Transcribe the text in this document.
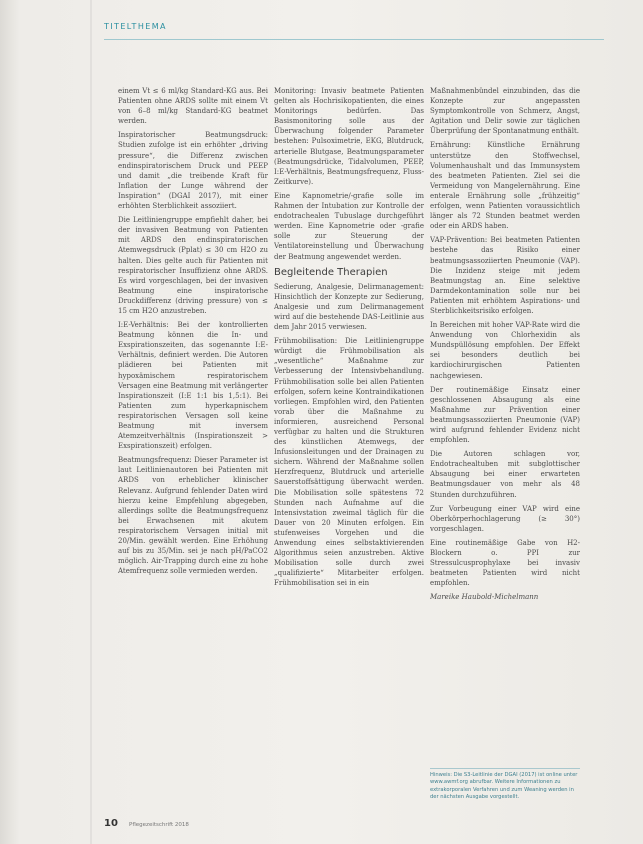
TITELTHEMA

einem Vt ≤ 6 ml/kg Standard-KG aus. Bei Patienten ohne ARDS sollte mit einem Vt von 6–8 ml/kg Standard-KG beatmet werden.

Inspiratorischer Beatmungsdruck: Studien zufolge ist ein erhöhter „driving pressure“, die Differenz zwischen endinspiratorischem Druck und PEEP und damit „die treibende Kraft für Inflation der Lunge während der Inspiration“ (DGAI 2017), mit einer erhöhten Sterblichkeit assoziiert.

Die Leitliniengruppe empfiehlt daher, bei der invasiven Beatmung von Patienten mit ARDS den endinspiratorischen Atemwegsdruck (Pplat) ≤ 30 cm H2O zu halten. Dies gelte auch für Patienten mit respiratorischer Insuffizienz ohne ARDS. Es wird vorgeschlagen, bei der invasiven Beatmung eine inspiratorische Druckdifferenz (driving pressure) von ≤ 15 cm H2O anzustreben.

I:E-Verhältnis: Bei der kontrollierten Beatmung können die In- und Exspirationszeiten, das sogenannte I:E-Verhältnis, definiert werden. Die Autoren plädieren bei Patienten mit hypoxämischem respiratorischem Versagen eine Beatmung mit verlängerter Inspirationszeit (I:E 1:1 bis 1,5:1). Bei Patienten zum hyperkapnischem respiratorischen Versagen soll keine Beatmung mit inversem Atemzeitverhältnis (Inspirationszeit > Exspirationszeit) erfolgen.

Beatmungsfrequenz: Dieser Parameter ist laut Leitlinienautoren bei Patienten mit ARDS von erheblicher klinischer Relevanz. Aufgrund fehlender Daten wird hierzu keine Empfehlung abgegeben, allerdings sollte die Beatmungsfrequenz bei Erwachsenen mit akutem respiratorischem Versagen initial mit 20/Min. gewählt werden. Eine Erhöhung auf bis zu 35/Min. sei je nach pH/PaCO2 möglich. Air-Trapping durch eine zu hohe Atemfrequenz solle vermieden werden.

Monitoring: Invasiv beatmete Patienten gelten als Hochrisikopatienten, die eines Monitorings bedürfen. Das Basismonitoring solle aus der Überwachung folgender Parameter bestehen: Pulsoximetrie, EKG, Blutdruck, arterielle Blutgase, Beatmungsparameter (Beatmungsdrücke, Tidalvolumen, PEEP, I:E-Verhältnis, Beatmungsfrequenz, Fluss-Zeitkurve).

Eine Kapnometrie/-grafie solle im Rahmen der Intubation zur Kontrolle der endotrachealen Tubuslage durchgeführt werden. Eine Kapnometrie oder -grafie solle zur Steuerung der Ventilatoreinstellung und Überwachung der Beatmung angewendet werden.

Begleitende Therapien

Sedierung, Analgesie, Delirmanagement: Hinsichtlich der Konzepte zur Sedierung, Analgesie und zum Delirmanagement wird auf die bestehende DAS-Leitlinie aus dem Jahr 2015 verwiesen.

Frühmobilisation: Die Leitliniengruppe würdigt die Frühmobilisation als „wesentliche“ Maßnahme zur Verbesserung der Intensivbehandlung. Frühmobilisation solle bei allen Patienten erfolgen, sofern keine Kontraindikationen vorliegen. Empfohlen wird, den Patienten vorab über die Maßnahme zu informieren, ausreichend Personal verfügbar zu halten und die Strukturen des künstlichen Atemwegs, der Infusionsleitungen und der Drainagen zu sichern. Während der Maßnahme sollen Herzfrequenz, Blutdruck und arterielle Sauerstoffsättigung überwacht werden. Die Mobilisation solle spätestens 72 Stunden nach Aufnahme auf die Intensivstation zweimal täglich für die Dauer von 20 Minuten erfolgen. Ein stufenweises Vorgehen und die Anwendung eines selbstaktivierenden Algorithmus seien anzustreben. Aktive Mobilisation solle durch zwei „qualifizierte“ Mitarbeiter erfolgen. Frühmobilisation sei in ein

Maßnahmenbündel einzubinden, das die Konzepte zur angepassten Symptomkontrolle von Schmerz, Angst, Agitation und Delir sowie zur täglichen Überprüfung der Spontanatmung enthält.

Ernährung: Künstliche Ernährung unterstütze den Stoffwechsel, Volumenhaushalt und das Immunsystem des beatmeten Patienten. Ziel sei die Vermeidung von Mangelernährung. Eine enterale Ernährung solle „frühzeitig“ erfolgen, wenn Patienten voraussichtlich länger als 72 Stunden beatmet werden oder ein ARDS haben.

VAP-Prävention: Bei beatmeten Patienten bestehe das Risiko einer beatmungsassoziierten Pneumonie (VAP). Die Inzidenz steige mit jedem Beatmungstag an. Eine selektive Darmdekontamination solle nur bei Patienten mit erhöhtem Aspirations- und Sterblichkeitsrisiko erfolgen.

In Bereichen mit hoher VAP-Rate wird die Anwendung von Chlorhexidin als Mundspüllösung empfohlen. Der Effekt sei besonders deutlich bei kardiochirurgischen Patienten nachgewiesen.

Der routinemäßige Einsatz einer geschlossenen Absaugung als eine Maßnahme zur Prävention einer beatmungsassoziierten Pneumonie (VAP) wird aufgrund fehlender Evidenz nicht empfohlen.

Die Autoren schlagen vor, Endotrachealtuben mit subglottischer Absaugung bei einer erwarteten Beatmungsdauer von mehr als 48 Stunden durchzuführen.

Zur Vorbeugung einer VAP wird eine Oberkörperhochlagerung (≥ 30°) vorgeschlagen.

Eine routinemäßige Gabe von H2-Blockern o. PPI zur Stressulcusprophylaxe bei invasiv beatmeten Patienten wird nicht empfohlen.

Mareike Haubold-Michelmann

Hinweis: Die S3-Leitlinie der DGAI (2017) ist online unter www.awmf.org abrufbar. Weitere Informationen zu extrakorporalen Verfahren und zum Weaning werden in der nächsten Ausgabe vorgestellt.
10 Pflegezeitschrift 2018
